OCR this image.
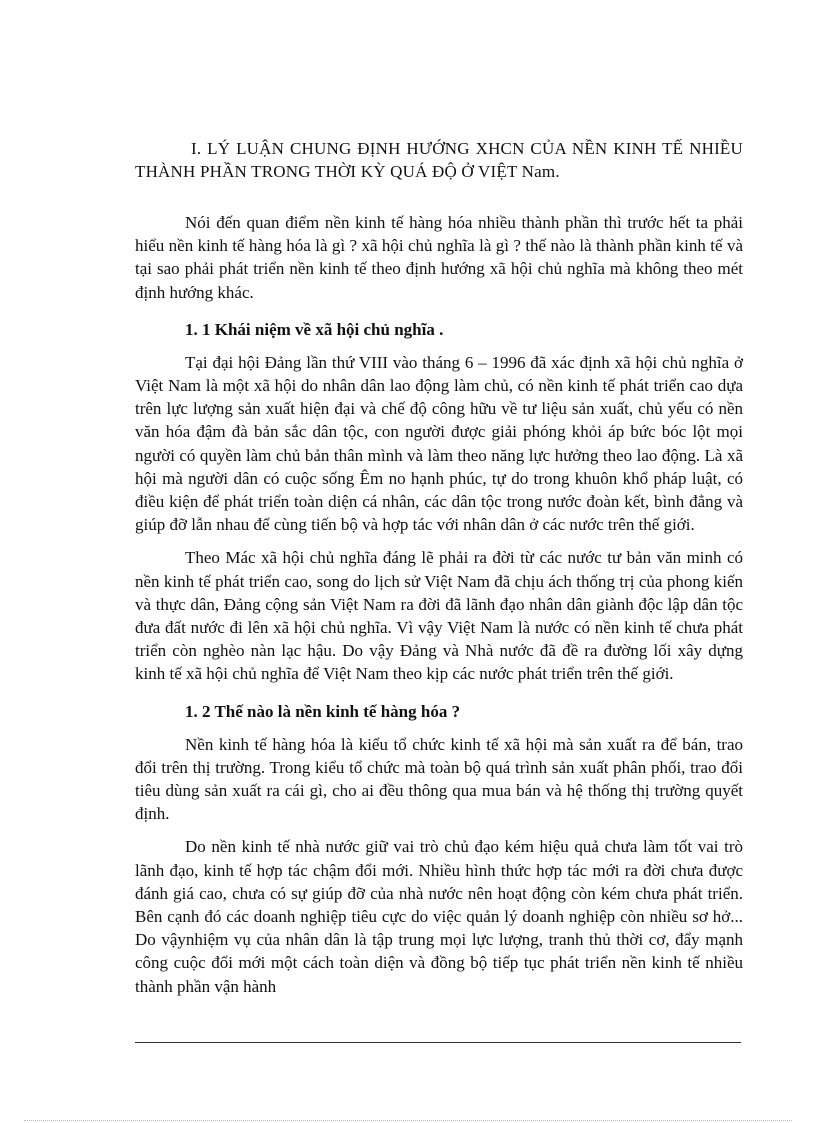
I. LÝ LUẬN CHUNG ĐỊNH HƯỚNG XHCN CỦA NỀN KINH TẾ NHIỀU THÀNH PHẦN TRONG THỜI KỲ QUÁ ĐỘ Ở VIỆT Nam.

Nói đến quan điểm nền kinh tế hàng hóa nhiều thành phần thì trước hết ta phải hiểu nền kinh tế hàng hóa là gì ? xã hội chủ nghĩa là gì ? thế nào là thành phần kinh tế và tại sao phải phát triển nền kinh tế theo định hướng xã hội chủ nghĩa mà không theo mét định hướng khác.

1. 1 Khái niệm về xã hội chủ nghĩa .

Tại đại hội Đảng lần thứ VIII vào tháng 6 – 1996 đã xác định xã hội chủ nghĩa ở Việt Nam là một xã hội do nhân dân lao động làm chủ, có nền kinh tế phát triển cao dựa trên lực lượng sản xuất hiện đại và chế độ công hữu về tư liệu sản xuất, chủ yếu có nền văn hóa đậm đà bản sắc dân tộc, con người được giải phóng khỏi áp bức bóc lột mọi người có quyền làm chủ bản thân mình và làm theo năng lực hưởng theo lao động. Là xã hội mà người dân có cuộc sống Êm no hạnh phúc, tự do trong khuôn khổ pháp luật, có điều kiện để phát triển toàn diện cá nhân, các dân tộc trong nước đoàn kết, bình đẳng và giúp đỡ lẫn nhau để cùng tiến bộ và hợp tác với nhân dân ở các nước trên thế giới.

Theo Mác xã hội chủ nghĩa đáng lẽ phải ra đời từ các nước tư bản văn minh có nền kinh tế phát triển cao, song do lịch sử Việt Nam đã chịu ách thống trị của phong kiến và thực dân, Đảng cộng sản Việt Nam ra đời đã lãnh đạo nhân dân giành độc lập dân tộc đưa đất nước đi lên xã hội chủ nghĩa. Vì vậy Việt Nam là nước có nền kinh tế chưa phát triển còn nghèo nàn lạc hậu. Do vậy Đảng và Nhà nước đã đề ra đường lối xây dựng kinh tế xã hội chủ nghĩa để Việt Nam theo kịp các nước phát triển trên thế giới.

1. 2 Thế nào là nền kinh tế hàng hóa ?

Nền kinh tế hàng hóa là kiểu tổ chức kinh tế xã hội mà sản xuất ra để bán, trao đổi trên thị trường. Trong kiểu tổ chức mà toàn bộ quá trình sản xuất phân phối, trao đổi tiêu dùng sản xuất ra cái gì, cho ai đều thông qua mua bán và hệ thống thị trường quyết định.

Do nền kinh tế nhà nước giữ vai trò chủ đạo kém hiệu quả chưa làm tốt vai trò lãnh đạo, kinh tế hợp tác chậm đổi mới. Nhiều hình thức hợp tác mới ra đời chưa được đánh giá cao, chưa có sự giúp đỡ của nhà nước nên hoạt động còn kém chưa phát triển. Bên cạnh đó các doanh nghiệp tiêu cực do việc quản lý doanh nghiệp còn nhiều sơ hở... Do vậynhiệm vụ của nhân dân là tập trung mọi lực lượng, tranh thủ thời cơ, đẩy mạnh công cuộc đổi mới một cách toàn diện và đồng bộ tiếp tục phát triển nền kinh tế nhiều thành phần vận hành
